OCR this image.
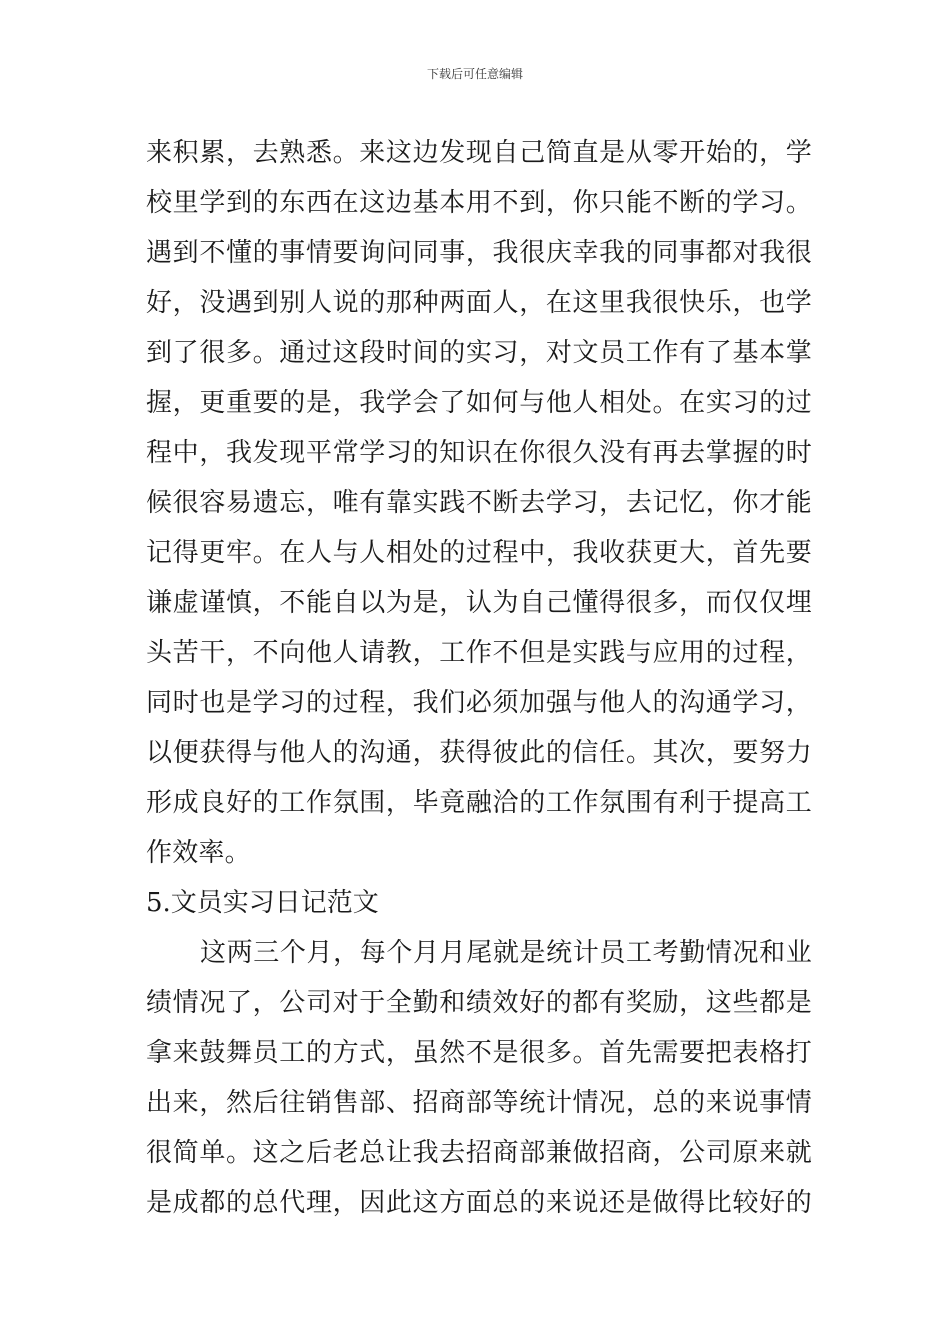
下载后可任意编辑
来积累，去熟悉。来这边发现自己简直是从零开始的，学
校里学到的东西在这边基本用不到，你只能不断的学习。
遇到不懂的事情要询问同事，我很庆幸我的同事都对我很
好，没遇到别人说的那种两面人，在这里我很快乐，也学
到了很多。通过这段时间的实习，对文员工作有了基本掌
握，更重要的是，我学会了如何与他人相处。在实习的过
程中，我发现平常学习的知识在你很久没有再去掌握的时
候很容易遗忘，唯有靠实践不断去学习，去记忆，你才能
记得更牢。在人与人相处的过程中，我收获更大，首先要
谦虚谨慎，不能自以为是，认为自己懂得很多，而仅仅埋
头苦干，不向他人请教，工作不但是实践与应用的过程，
同时也是学习的过程，我们必须加强与他人的沟通学习，
以便获得与他人的沟通，获得彼此的信任。其次，要努力
形成良好的工作氛围，毕竟融洽的工作氛围有利于提高工
作效率。
5.文员实习日记范文
这两三个月，每个月月尾就是统计员工考勤情况和业
绩情况了，公司对于全勤和绩效好的都有奖励，这些都是
拿来鼓舞员工的方式，虽然不是很多。首先需要把表格打
出来，然后往销售部、招商部等统计情况，总的来说事情
很简单。这之后老总让我去招商部兼做招商，公司原来就
是成都的总代理，因此这方面总的来说还是做得比较好的
